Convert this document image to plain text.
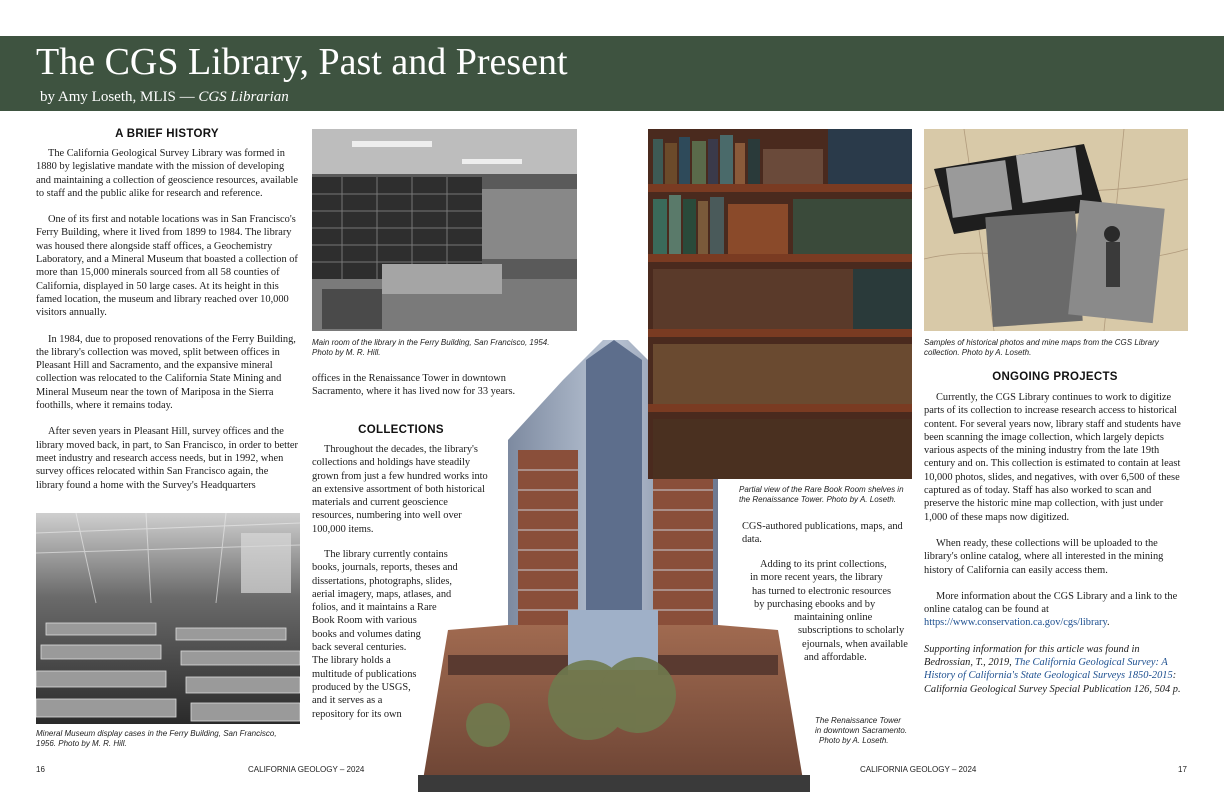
The CGS Library, Past and Present
by Amy Loseth, MLIS — CGS Librarian
A BRIEF HISTORY

The California Geological Survey Library was formed in 1880 by legislative mandate with the mission of developing and maintaining a collection of geoscience resources, available to staff and the public alike for research and reference.

One of its first and notable locations was in San Francisco's Ferry Building, where it lived from 1899 to 1984. The library was housed there alongside staff offices, a Geochemistry Laboratory, and a Mineral Museum that boasted a collection of more than 15,000 minerals sourced from all 58 counties of California, displayed in 50 large cases. At its height in this famed location, the museum and library reached over 10,000 visitors annually.

In 1984, due to proposed renovations of the Ferry Building, the library's collection was moved, split between offices in Pleasant Hill and Sacramento, and the expansive mineral collection was relocated to the California State Mining and Mineral Museum near the town of Mariposa in the Sierra foothills, where it remains today.

After seven years in Pleasant Hill, survey offices and the library moved back, in part, to San Francisco, in order to better meet industry and research access needs, but in 1992, when survey offices relocated within San Francisco again, the library found a home with the Survey's Headquarters

Mineral Museum display cases in the Ferry Building, San Francisco, 1956. Photo by M. R. Hill.
Main room of the library in the Ferry Building, San Francisco, 1954. Photo by M. R. Hill.

offices in the Renaissance Tower in downtown Sacramento, where it has lived now for 33 years.

COLLECTIONS

Throughout the decades, the library's collections and holdings have steadily grown from just a few hundred works into an extensive assortment of both historical materials and current geoscience resources, numbering into well over 100,000 items.

The library currently contains
books, journals, reports, theses and
dissertations, photographs, slides,
aerial imagery, maps, atlases, and
folios, and it maintains a Rare
Book Room with various
books and volumes dating
back several centuries.
The library holds a
multitude of publications
produced by the USGS,
and it serves as a
repository for its own
The Renaissance Tower
in downtown Sacramento.
Photo by A. Loseth.
Partial view of the Rare Book Room shelves in the Renaissance Tower. Photo by A. Loseth.

CGS-authored publications, maps, and data.

Adding to its print collections,
in more recent years, the library
has turned to electronic resources
by purchasing ebooks and by
maintaining online
subscriptions to scholarly
ejournals, when available
and affordable.
Samples of historical photos and mine maps from the CGS Library collection. Photo by A. Loseth.
ONGOING PROJECTS

Currently, the CGS Library continues to work to digitize parts of its collection to increase research access to historical content. For several years now, library staff and students have been scanning the image collection, which largely depicts various aspects of the mining industry from the late 19th century and on. This collection is estimated to contain at least 10,000 photos, slides, and negatives, with over 6,500 of these captured as of today. Staff has also worked to scan and preserve the historic mine map collection, with just under 1,000 of these maps now digitized.

When ready, these collections will be uploaded to the library's online catalog, where all interested in the mining history of California can easily access them.

More information about the CGS Library and a link to the online catalog can be found at https://www.conservation.ca.gov/cgs/library.

Supporting information for this article was found in Bedrossian, T., 2019, The California Geological Survey: A History of California's State Geological Surveys 1850-2015: California Geological Survey Special Publication 126, 504 p.

16	CALIFORNIA GEOLOGY – 2024	CALIFORNIA GEOLOGY – 2024	17
